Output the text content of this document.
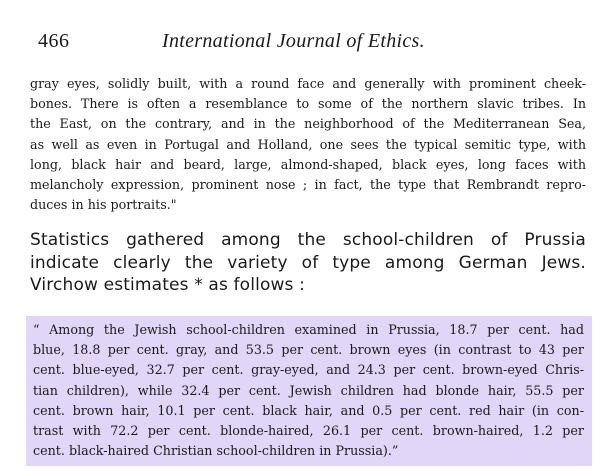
466	International Journal of Ethics.
gray eyes, solidly built, with a round face and generally with prominent cheek-
bones. There is often a resemblance to some of the northern slavic tribes. In
the East, on the contrary, and in the neighborhood of the Mediterranean Sea,
as well as even in Portugal and Holland, one sees the typical semitic type, with
long, black hair and beard, large, almond-shaped, black eyes, long faces with
melancholy expression, prominent nose ; in fact, the type that Rembrandt repro-
duces in his portraits."
Statistics gathered among the school-children of Prussia
indicate clearly the variety of type among German Jews.
Virchow estimates * as follows :
“ Among the Jewish school-children examined in Prussia, 18.7 per cent. had
blue, 18.8 per cent. gray, and 53.5 per cent. brown eyes (in contrast to 43 per
cent. blue-eyed, 32.7 per cent. gray-eyed, and 24.3 per cent. brown-eyed Chris-
tian children), while 32.4 per cent. Jewish children had blonde hair, 55.5 per
cent. brown hair, 10.1 per cent. black hair, and 0.5 per cent. red hair (in con-
trast with 72.2 per cent. blonde-haired, 26.1 per cent. brown-haired, 1.2 per
cent. black-haired Christian school-children in Prussia).”
